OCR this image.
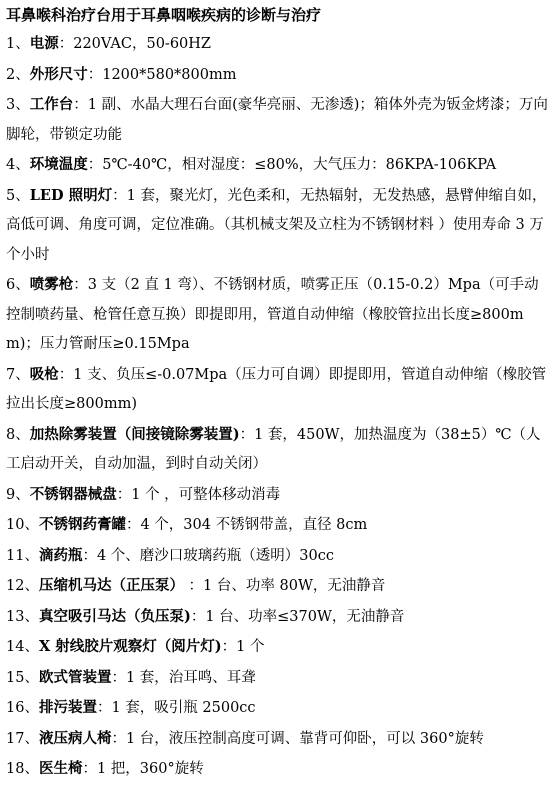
耳鼻喉科治疗台用于耳鼻咽喉疾病的诊断与治疗
1、电源：220VAC，50-60HZ
2、外形尺寸：1200*580*800mm
3、工作台：1 副、水晶大理石台面(豪华亮丽、无渗透)；箱体外壳为钣金烤漆；万向脚轮，带锁定功能
4、环境温度：5℃-40℃，相对湿度：≤80%，大气压力：86KPA-106KPA
5、LED 照明灯：1 套，聚光灯，光色柔和，无热辐射，无发热感，悬臂伸缩自如，高低可调、角度可调，定位准确。（其机械支架及立柱为不锈钢材料 ）使用寿命 3 万个小时
6、喷雾枪：3 支（2 直 1 弯）、不锈钢材质，喷雾正压（0.15-0.2）Mpa（可手动控制喷药量、枪管任意互换）即提即用，管道自动伸缩（橡胶管拉出长度≥800mm)；压力管耐压≥0.15Mpa
7、吸枪：1 支、负压≤-0.07Mpa（压力可自调）即提即用，管道自动伸缩（橡胶管拉出长度≥800mm)
8、加热除雾装置（间接镜除雾装置)：1 套，450W，加热温度为（38±5）℃（人工启动开关，自动加温，到时自动关闭）
9、不锈钢器械盘：1 个 ，可整体移动消毒
10、不锈钢药膏罐：4 个，304 不锈钢带盖，直径 8cm
11、滴药瓶：4 个、磨沙口玻璃药瓶（透明）30cc
12、压缩机马达（正压泵） ：1 台、功率 80W，无油静音
13、真空吸引马达（负压泵)：1 台、功率≤370W，无油静音
14、X 射线胶片观察灯（阅片灯)：1 个
15、欧式管装置：1 套，治耳鸣、耳聋
16、排污装置：1 套，吸引瓶 2500cc
17、液压病人椅：1 台，液压控制高度可调、靠背可仰卧，可以 360°旋转
18、医生椅：1 把，360°旋转
